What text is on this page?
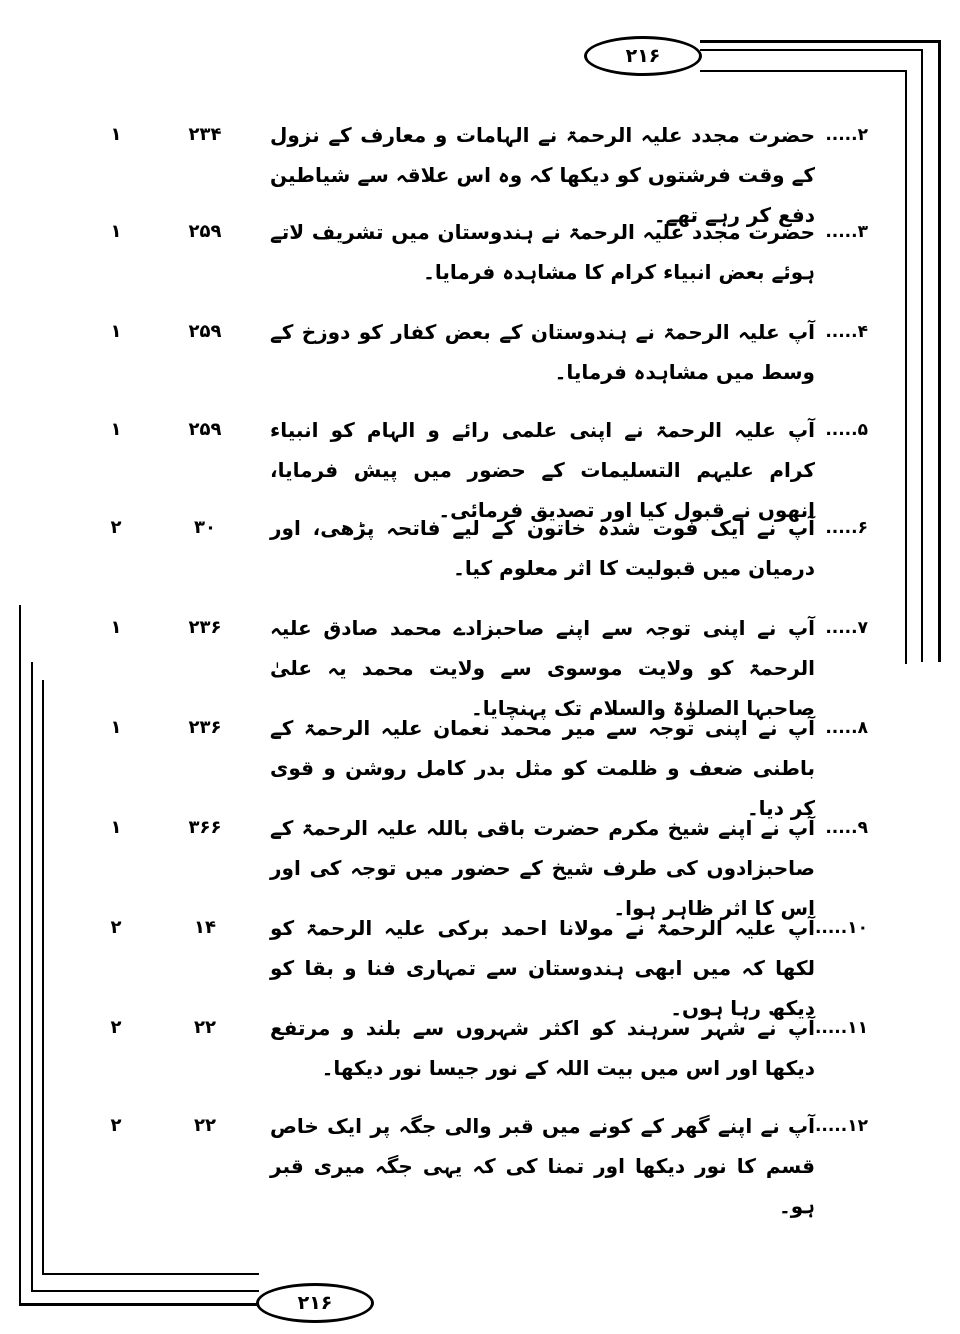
۲۱۶
۲۱۶
۲.....
حضرت مجدد علیہ الرحمۃ نے الہامات و معارف کے نزول کے وقت فرشتوں کو دیکھا کہ وہ اس علاقہ سے شیاطین دفع کر رہے تھے۔
۲۳۴
۱
۳.....
حضرت مجدد علیہ الرحمۃ نے ہندوستان میں تشریف لاتے ہوئے بعض انبیاء کرام کا مشاہدہ فرمایا۔
۲۵۹
۱
۴.....
آپ علیہ الرحمۃ نے ہندوستان کے بعض کفار کو دوزخ کے وسط میں مشاہدہ فرمایا۔
۲۵۹
۱
۵.....
آپ علیہ الرحمۃ نے اپنی علمی رائے و الہام کو انبیاء کرام علیہم التسلیمات کے حضور میں پیش فرمایا، انھوں نے قبول کیا اور تصدیق فرمائی۔
۲۵۹
۱
۶.....
آپ نے ایک فوت شدہ خاتون کے لیے فاتحہ پڑھی، اور درمیان میں قبولیت کا اثر معلوم کیا۔
۳۰
۲
۷.....
آپ نے اپنی توجہ سے اپنے صاحبزادے محمد صادق علیہ الرحمۃ کو ولایت موسوی سے ولایت محمد یہ علیٰ صاحبہا الصلوٰۃ والسلام تک پہنچایا۔
۲۳۶
۱
۸.....
آپ نے اپنی توجہ سے میر محمد نعمان علیہ الرحمۃ کے باطنی ضعف و ظلمت کو مثل بدر کامل روشن و قوی کر دیا۔
۲۳۶
۱
۹.....
آپ نے اپنے شیخ مکرم حضرت باقی باللہ علیہ الرحمۃ کے صاحبزادوں کی طرف شیخ کے حضور میں توجہ کی اور اس کا اثر ظاہر ہوا۔
۳۶۶
۱
۱۰.....
آپ علیہ الرحمۃ نے مولانا احمد برکی علیہ الرحمۃ کو لکھا کہ میں ابھی ہندوستان سے تمہاری فنا و بقا کو دیکھ رہا ہوں۔
۱۴
۲
۱۱.....
آپ نے شہر سرہند کو اکثر شہروں سے بلند و مرتفع دیکھا اور اس میں بیت اللہ کے نور جیسا نور دیکھا۔
۲۲
۲
۱۲.....
آپ نے اپنے گھر کے کونے میں قبر والی جگہ پر ایک خاص قسم کا نور دیکھا اور تمنا کی کہ یہی جگہ میری قبر ہو۔
۲۲
۲
